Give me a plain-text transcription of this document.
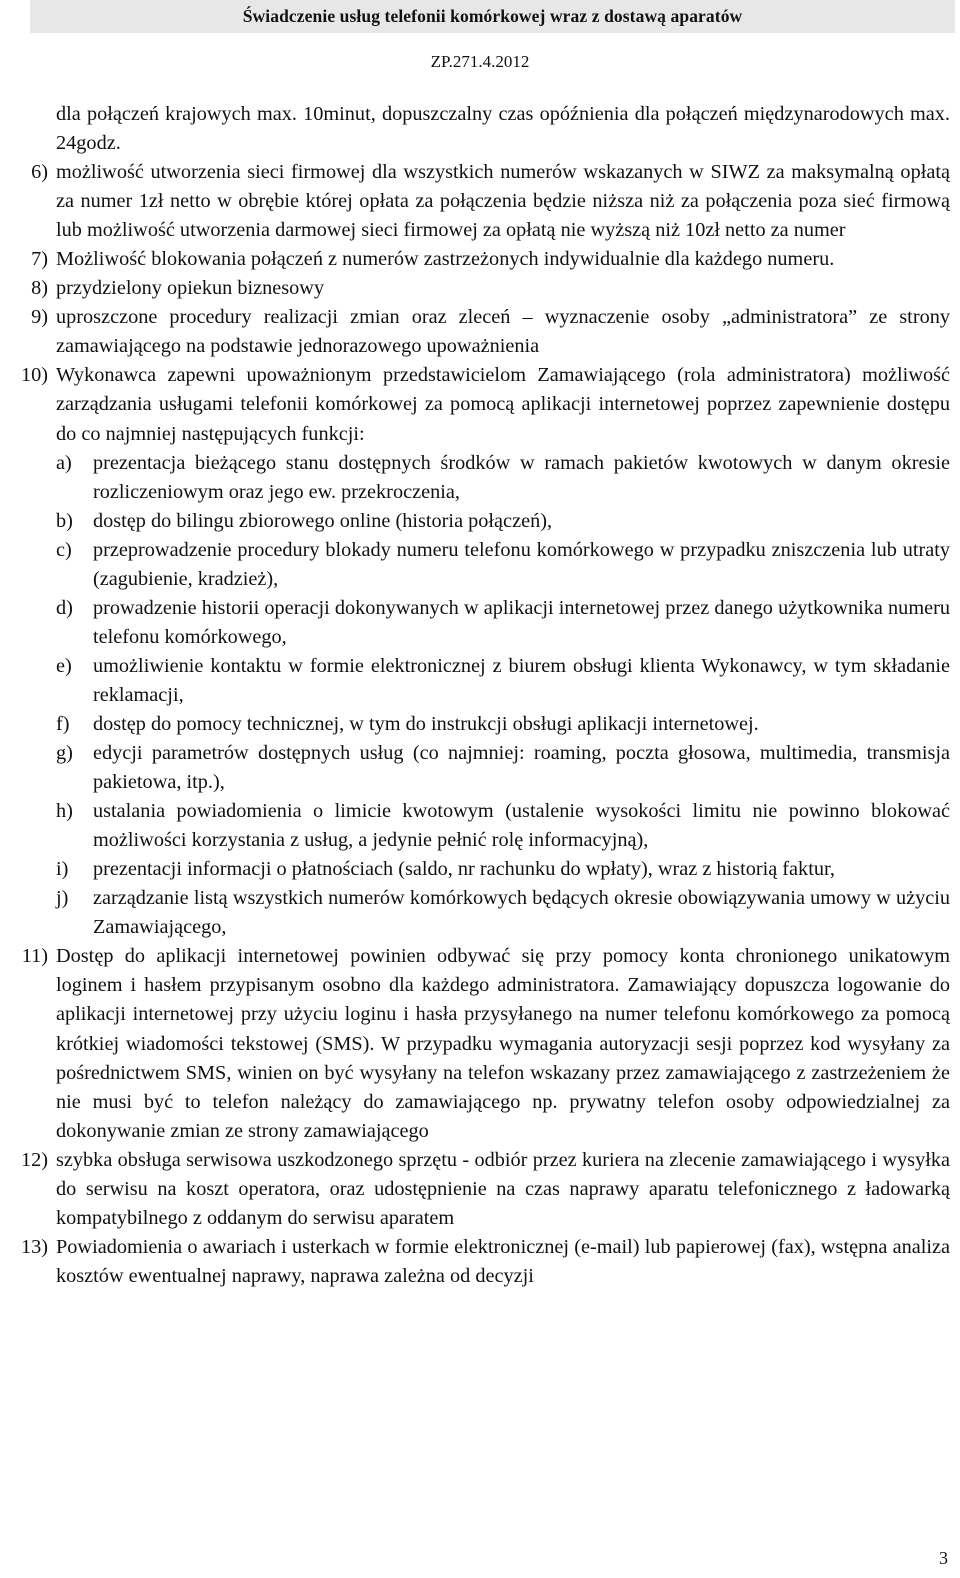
Świadczenie usług telefonii komórkowej wraz z dostawą aparatów
ZP.271.4.2012
dla połączeń krajowych max. 10minut, dopuszczalny czas opóźnienia dla połączeń międzynarodowych max. 24godz.
6) możliwość utworzenia sieci firmowej dla wszystkich numerów wskazanych w SIWZ za maksymalną opłatą za numer 1zł netto w obrębie której opłata za połączenia będzie niższa niż za połączenia poza sieć firmową lub możliwość utworzenia darmowej sieci firmowej za opłatą nie wyższą niż 10zł netto za numer
7) Możliwość blokowania połączeń z numerów zastrzeżonych indywidualnie dla każdego numeru.
8) przydzielony opiekun biznesowy
9) uproszczone procedury realizacji zmian oraz zleceń – wyznaczenie osoby „administratora” ze strony zamawiającego na podstawie jednorazowego upoważnienia
10) Wykonawca zapewni upoważnionym przedstawicielom Zamawiającego (rola administratora) możliwość zarządzania usługami telefonii komórkowej za pomocą aplikacji internetowej poprzez zapewnienie dostępu do co najmniej następujących funkcji:
a)	prezentacja bieżącego stanu dostępnych środków w ramach pakietów kwotowych w danym okresie rozliczeniowym oraz jego ew. przekroczenia,
b) dostęp do bilingu zbiorowego online (historia połączeń),
c)	przeprowadzenie procedury blokady numeru telefonu komórkowego w przypadku zniszczenia lub utraty (zagubienie, kradzież),
d) prowadzenie historii operacji dokonywanych w aplikacji internetowej przez danego użytkownika numeru telefonu komórkowego,
e)	umożliwienie kontaktu w formie elektronicznej z biurem obsługi klienta Wykonawcy, w tym składanie reklamacji,
f)	dostęp do pomocy technicznej, w tym do instrukcji obsługi aplikacji internetowej.
g) edycji parametrów dostępnych usług (co najmniej: roaming, poczta głosowa, multimedia, transmisja pakietowa, itp.),
h) ustalania powiadomienia o limicie kwotowym (ustalenie wysokości limitu nie powinno blokować możliwości korzystania z usług, a jedynie pełnić rolę informacyjną),
i)	prezentacji informacji o płatnościach (saldo, nr rachunku do wpłaty), wraz z historią faktur,
j)	zarządzanie listą wszystkich numerów komórkowych będących okresie obowiązywania umowy w użyciu Zamawiającego,
11) Dostęp do aplikacji internetowej powinien odbywać się przy pomocy konta chronionego unikatowym loginem i hasłem przypisanym osobno dla każdego administratora. Zamawiający dopuszcza logowanie do aplikacji internetowej przy użyciu loginu i hasła przysyłanego na numer telefonu komórkowego za pomocą krótkiej wiadomości tekstowej (SMS). W przypadku wymagania autoryzacji sesji poprzez kod wysyłany za pośrednictwem SMS, winien on być wysyłany na telefon wskazany przez zamawiającego z zastrzeżeniem że nie musi być to telefon należący do zamawiającego np. prywatny telefon osoby odpowiedzialnej za dokonywanie zmian ze strony zamawiającego
12) szybka obsługa serwisowa uszkodzonego sprzętu - odbiór przez kuriera na zlecenie zamawiającego i wysyłka do serwisu na koszt operatora, oraz udostępnienie na czas naprawy aparatu telefonicznego z ładowarką kompatybilnego z oddanym do serwisu aparatem
13) Powiadomienia o awariach i usterkach w formie elektronicznej (e-mail) lub papierowej (fax), wstępna analiza kosztów ewentualnej naprawy, naprawa zależna od decyzji
3
